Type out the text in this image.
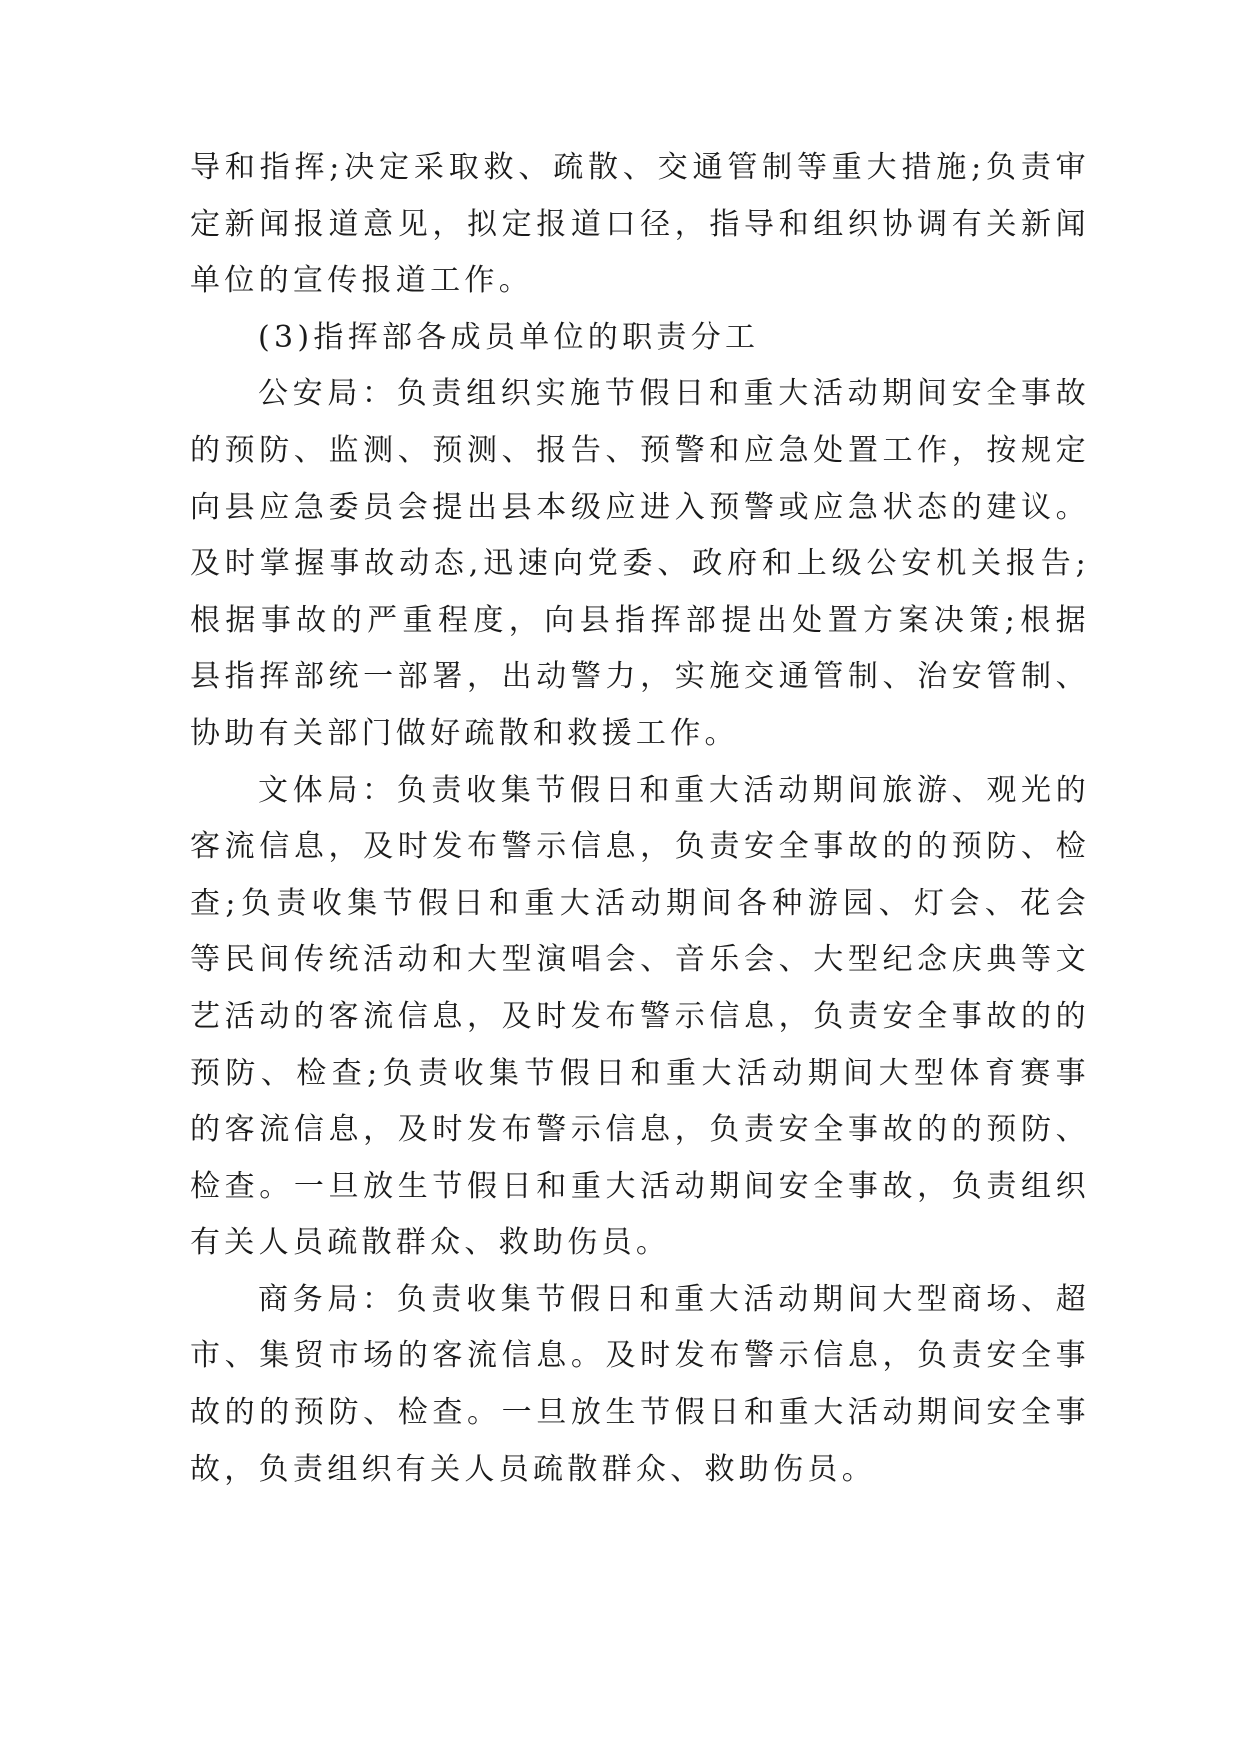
导和指挥;决定采取救、疏散、交通管制等重大措施;负责审定新闻报道意见，拟定报道口径，指导和组织协调有关新闻单位的宣传报道工作。

(3)指挥部各成员单位的职责分工

公安局：负责组织实施节假日和重大活动期间安全事故的预防、监测、预测、报告、预警和应急处置工作，按规定向县应急委员会提出县本级应进入预警或应急状态的建议。及时掌握事故动态,迅速向党委、政府和上级公安机关报告;根据事故的严重程度，向县指挥部提出处置方案决策;根据县指挥部统一部署，出动警力，实施交通管制、治安管制、协助有关部门做好疏散和救援工作。

文体局：负责收集节假日和重大活动期间旅游、观光的客流信息，及时发布警示信息，负责安全事故的的预防、检查;负责收集节假日和重大活动期间各种游园、灯会、花会等民间传统活动和大型演唱会、音乐会、大型纪念庆典等文艺活动的客流信息，及时发布警示信息，负责安全事故的的预防、检查;负责收集节假日和重大活动期间大型体育赛事的客流信息，及时发布警示信息，负责安全事故的的预防、检查。一旦放生节假日和重大活动期间安全事故，负责组织有关人员疏散群众、救助伤员。

商务局：负责收集节假日和重大活动期间大型商场、超市、集贸市场的客流信息。及时发布警示信息，负责安全事故的的预防、检查。一旦放生节假日和重大活动期间安全事故，负责组织有关人员疏散群众、救助伤员。
